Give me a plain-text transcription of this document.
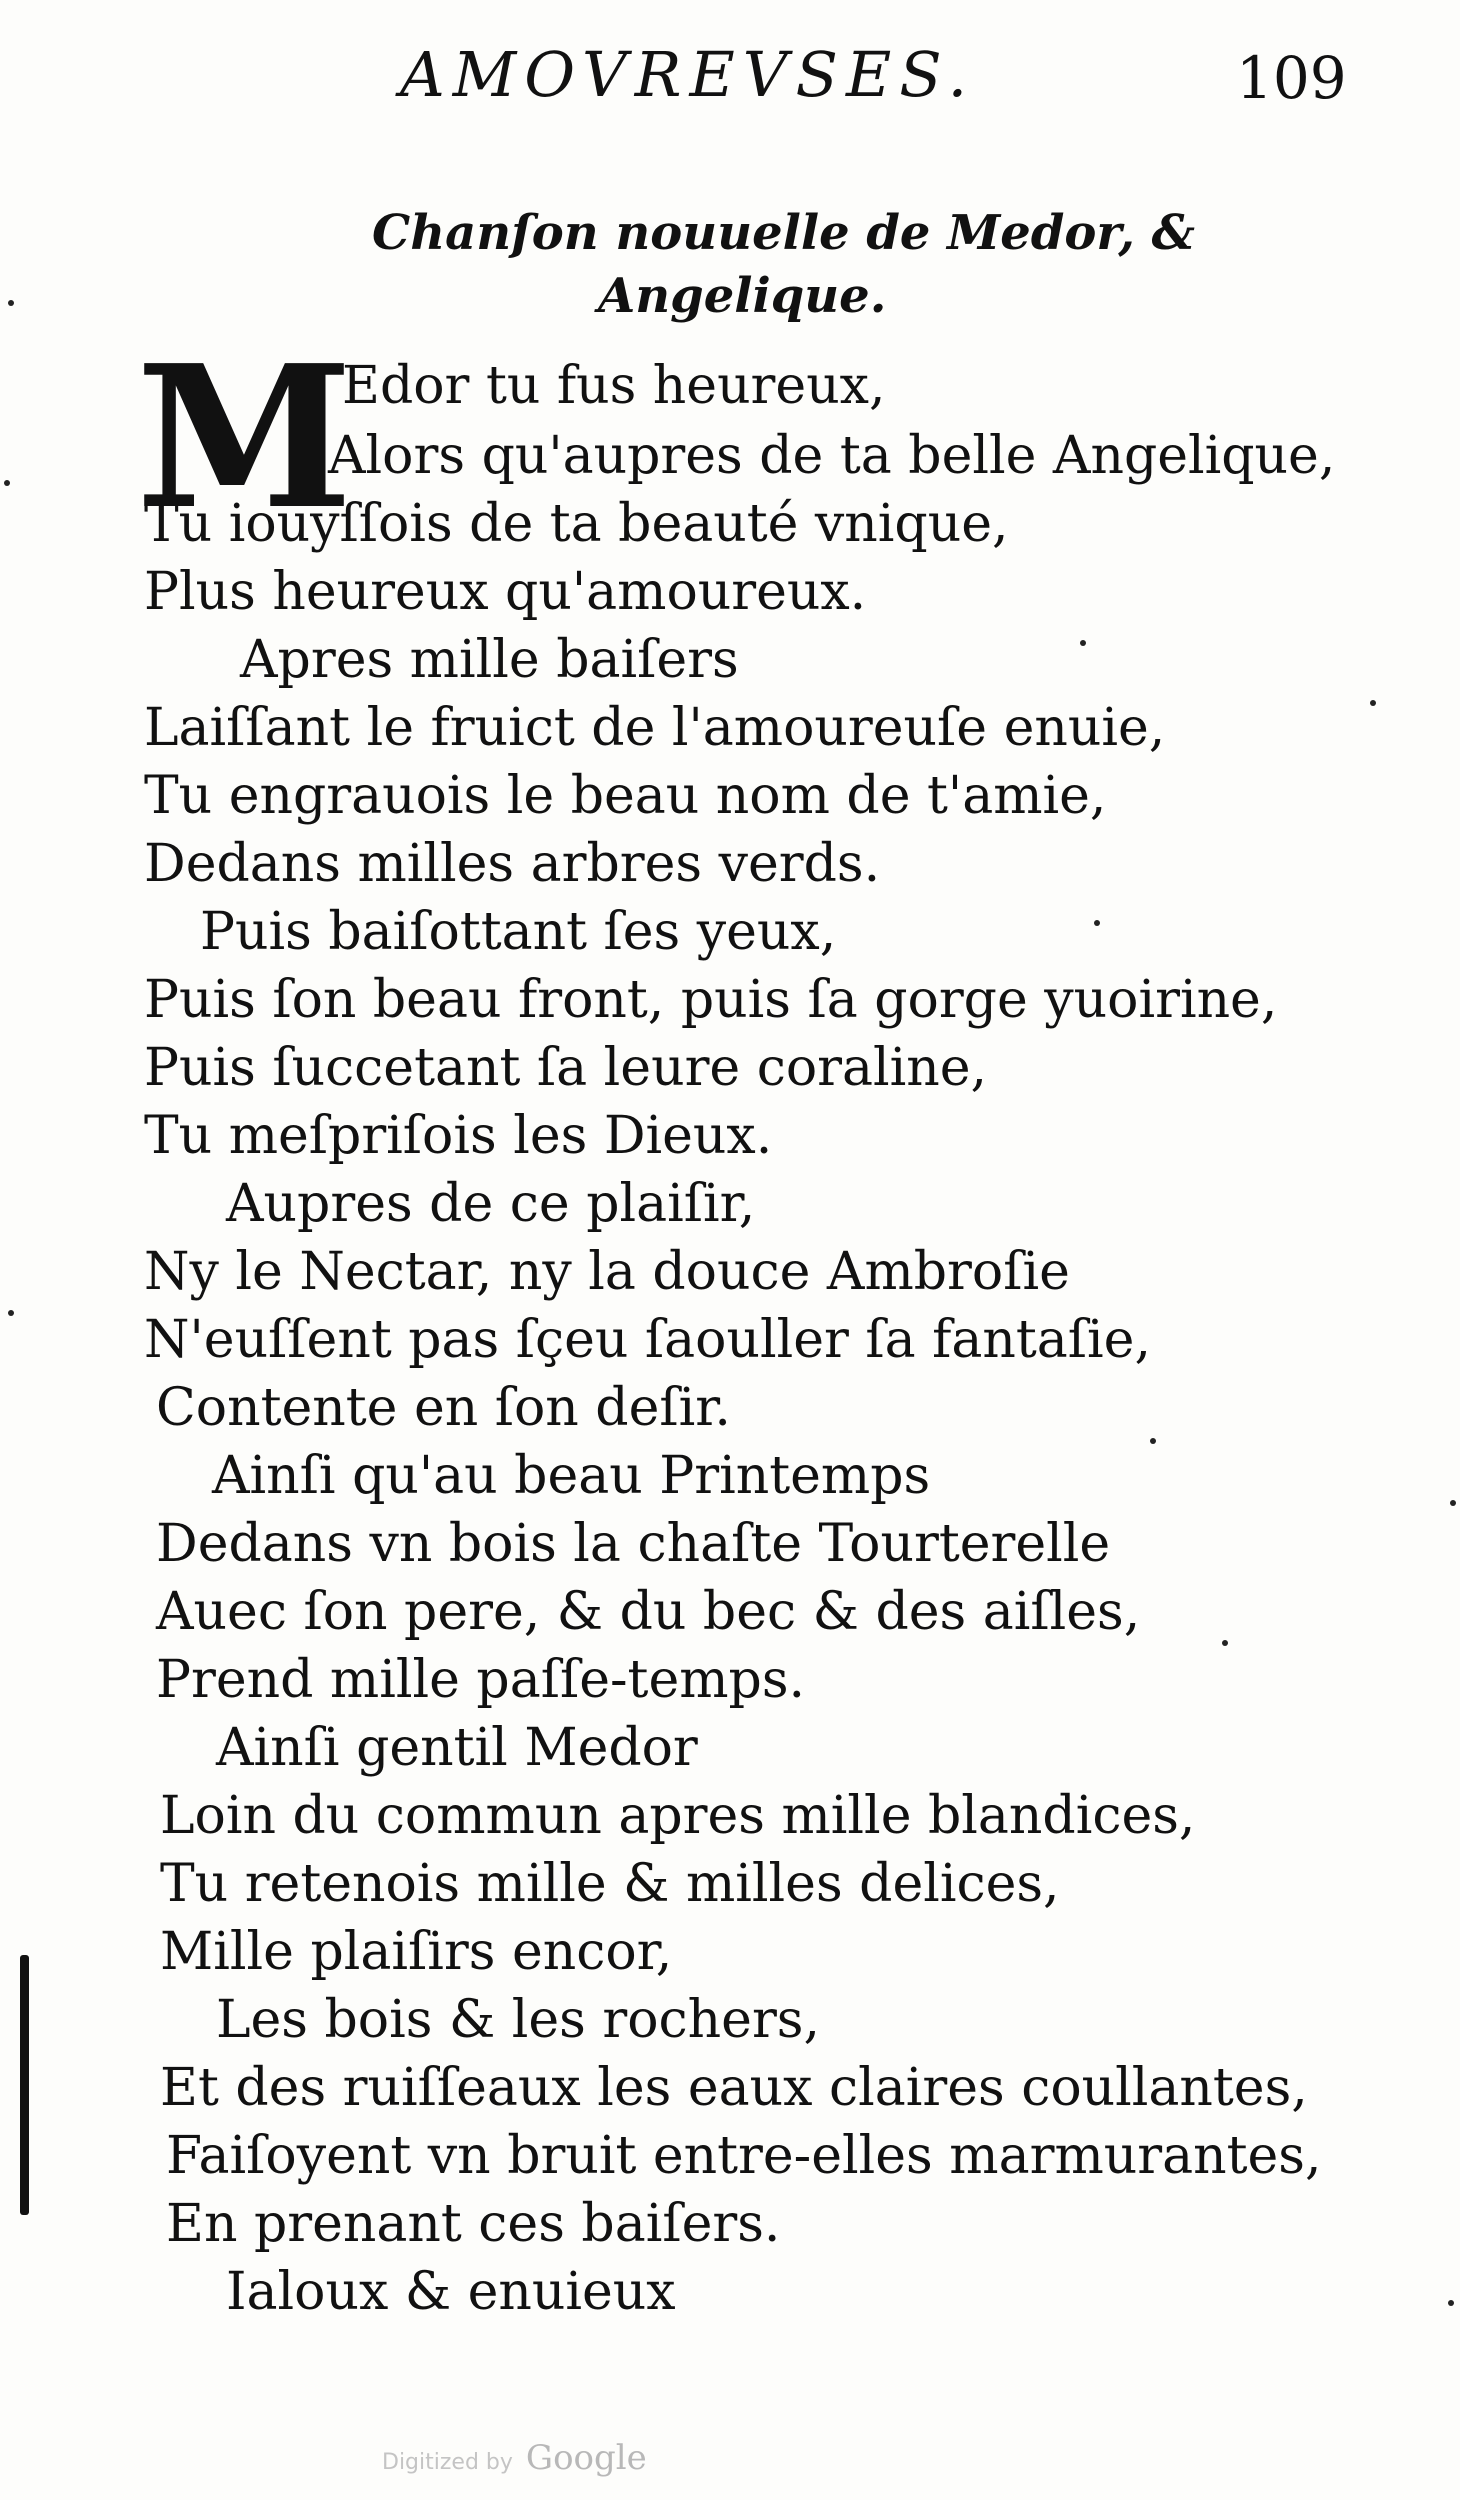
AMOVREVSES.	109
Chanſon nouuelle de Medor, &
Angelique.
M
Edor tu fus heureux,
Alors qu'aupres de ta belle Angelique,
Tu iouyſſois de ta beauté vnique,
Plus heureux qu'amoureux.
Apres mille baiſers
Laiſſant le fruict de l'amoureuſe enuie,
Tu engrauois le beau nom de t'amie,
Dedans milles arbres verds.
Puis baiſottant ſes yeux,
Puis ſon beau front, puis ſa gorge yuoirine,
Puis ſuccetant ſa leure coraline,
Tu meſpriſois les Dieux.
Aupres de ce plaiſir,
Ny le Nectar, ny la douce Ambroſie
N'euſſent pas ſçeu ſaouller ſa fantaſie,
Contente en ſon deſir.
Ainſi qu'au beau Printemps
Dedans vn bois la chaſte Tourterelle
Auec ſon pere, & du bec & des aiſles,
Prend mille paſſe-temps.
Ainſi gentil Medor
Loin du commun apres mille blandices,
Tu retenois mille & milles delices,
Mille plaiſirs encor,
Les bois & les rochers,
Et des ruiſſeaux les eaux claires coullantes,
Faiſoyent vn bruit entre-elles marmurantes,
En prenant ces baiſers.
Ialoux & enuieux
Digitized by Google
